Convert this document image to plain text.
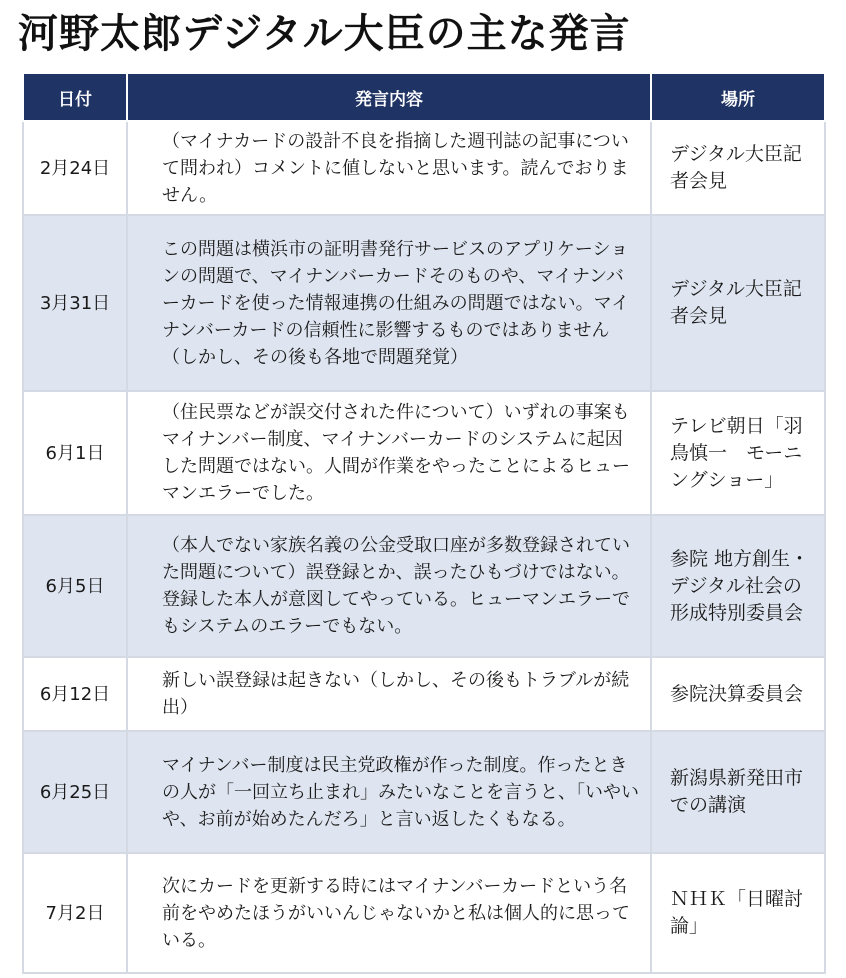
河野太郎デジタル大臣の主な発言
日付	発言内容	場所
2月24日	（マイナカードの設計不良を指摘した週刊誌の記事について問われ）コメントに値しないと思います。読んでおりません。	デジタル大臣記者会見
3月31日	この問題は横浜市の証明書発行サービスのアプリケーションの問題で、マイナンバーカードそのものや、マイナンバーカードを使った情報連携の仕組みの問題ではない。マイナンバーカードの信頼性に影響するものではありません（しかし、その後も各地で問題発覚）	デジタル大臣記者会見
6月1日	（住民票などが誤交付された件について）いずれの事案もマイナンバー制度、マイナンバーカードのシステムに起因した問題ではない。人間が作業をやったことによるヒューマンエラーでした。	テレビ朝日「羽鳥慎一　モーニングショー」
6月5日	（本人でない家族名義の公金受取口座が多数登録されていた問題について）誤登録とか、誤ったひもづけではない。登録した本人が意図してやっている。ヒューマンエラーでもシステムのエラーでもない。	参院 地方創生・デジタル社会の形成特別委員会
6月12日	新しい誤登録は起きない（しかし、その後もトラブルが続出）	参院決算委員会
6月25日	マイナンバー制度は民主党政権が作った制度。作ったときの人が「一回立ち止まれ」みたいなことを言うと、「いやいや、お前が始めたんだろ」と言い返したくもなる。	新潟県新発田市での講演
7月2日	次にカードを更新する時にはマイナンバーカードという名前をやめたほうがいいんじゃないかと私は個人的に思っている。	ＮＨＫ「日曜討論」
